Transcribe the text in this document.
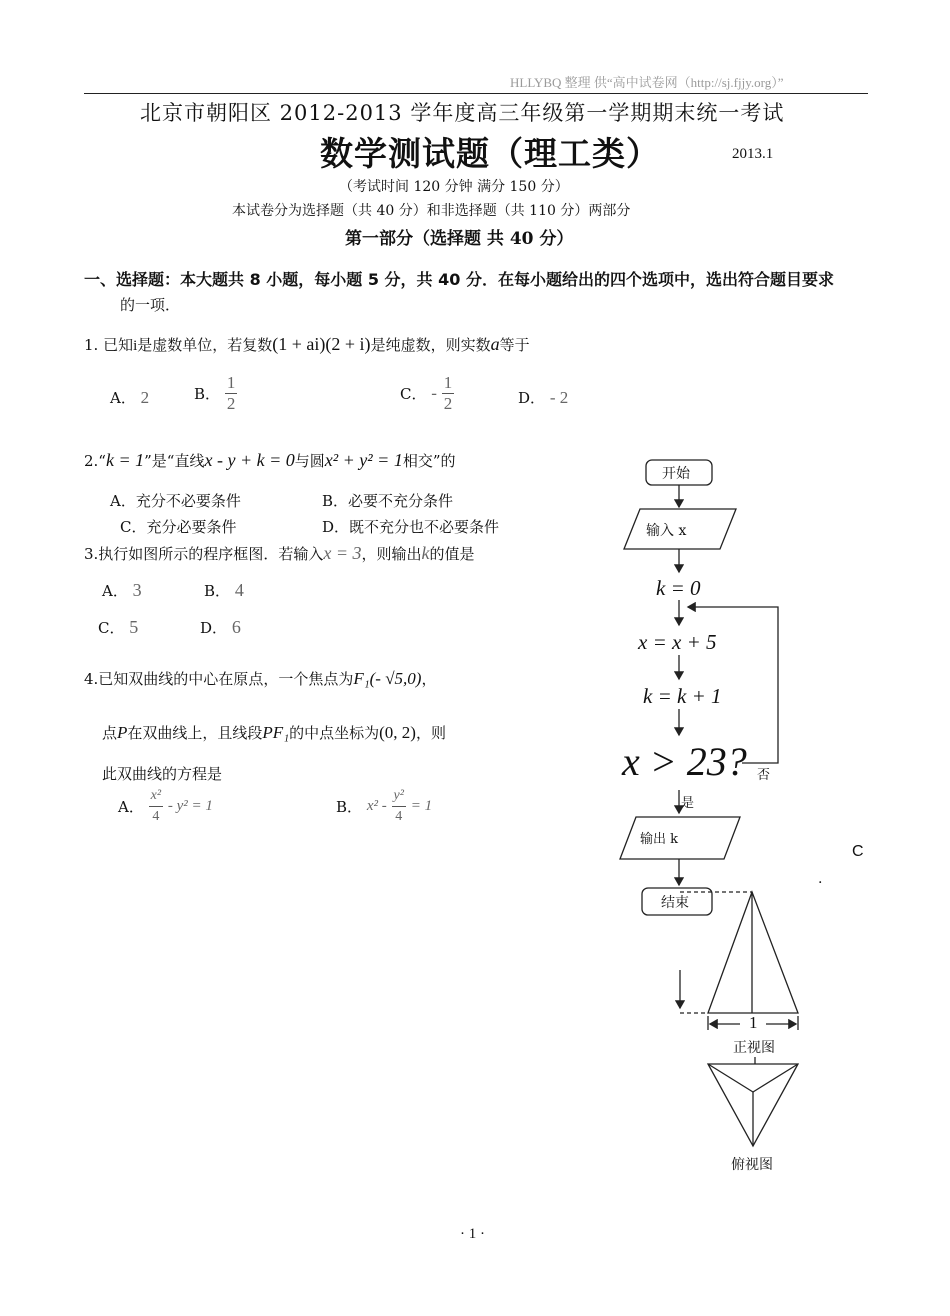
HLLYBQ 整理 供“高中试卷网（http://sj.fjjy.org）”
北京市朝阳区 2012-2013 学年度高三年级第一学期期末统一考试
数学测试题（理工类）	2013.1
（考试时间 120 分钟 满分 150 分）
本试卷分为选择题（共 40 分）和非选择题（共 110 分）两部分
第一部分（选择题 共 40 分）
一、选择题：本大题共 8 小题，每小题 5 分，共 40 分．在每小题给出的四个选项中，选出符合题目要求
的一项．
1. 已知i是虚数单位，若复数(1 + ai)(2 + i)是纯虚数，则实数a等于
A． 2	B． $\frac{1}{2}$	C． - $\frac{1}{2}$	D． - 2
2.“k = 1”是“直线x - y + k = 0与圆x² + y² = 1相交”的
A．充分不必要条件	B．必要不充分条件
C．充分必要条件	D．既不充分也不必要条件
3.执行如图所示的程序框图．若输入x = 3，则输出k的值是
A． 3	B． 4
C． 5	D． 6
4.已知双曲线的中心在原点，一个焦点为F₁(- √5,0)，
点P在双曲线上，且线段PF₁的中点坐标为(0, 2)，则
此双曲线的方程是
A． $\frac{\text{x²}}{4} - y^2 = 1$	B． $x^2 - \frac{\text{y²}}{4} = 1$
开始
输入 x
k = 0
x = x + 5
k = k + 1
x > 23? 否
是
输出 k
结束
C
.
1
正视图
俯视图
· 1 ·
